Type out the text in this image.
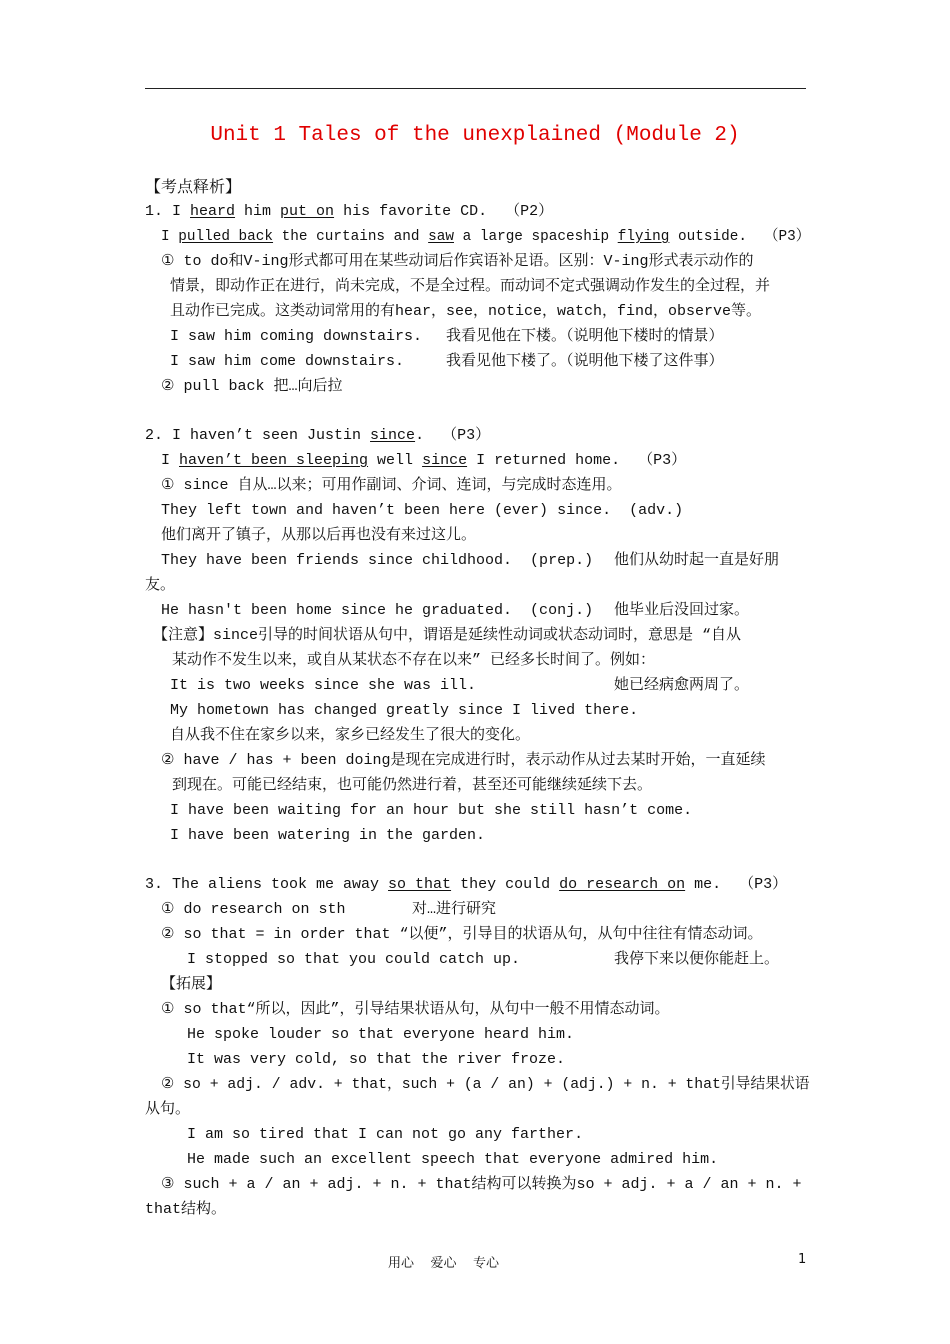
Unit 1 Tales of the unexplained (Module 2)
【考点释析】
1. I heard him put on his favorite CD.  （P2）
I pulled back the curtains and saw a large spaceship flying outside.  （P3）
① to do和V-ing形式都可用在某些动词后作宾语补足语。区别：V-ing形式表示动作的
情景，即动作正在进行，尚未完成，不是全过程。而动词不定式强调动作发生的全过程，并
且动作已完成。这类动词常用的有hear，see，notice，watch，find，observe等。
I saw him coming downstairs. 我看见他在下楼。（说明他下楼时的情景）
I saw him come downstairs.	我看见他下楼了。（说明他下楼了这件事）
② pull back 把…向后拉
2. I haven’t seen Justin since.  （P3）
I haven’t been sleeping well since I returned home.  （P3）
① since 自从…以来；可用作副词、介词、连词，与完成时态连用。
They left town and haven’t been here (ever) since.  (adv.)
他们离开了镇子，从那以后再也没有来过这儿。
They have been friends since childhood.  (prep.) 他们从幼时起一直是好朋
友。
He hasn't been home since he graduated.  (conj.) 他毕业后没回过家。
【注意】since引导的时间状语从句中，谓语是延续性动词或状态动词时，意思是 “自从
某动作不发生以来，或自从某状态不存在以来” 已经多长时间了。例如：
It is two weeks since she was ill.	她已经病愈两周了。
My hometown has changed greatly since I lived there.
自从我不住在家乡以来，家乡已经发生了很大的变化。
② have / has + been doing是现在完成进行时，表示动作从过去某时开始，一直延续
到现在。可能已经结束，也可能仍然进行着，甚至还可能继续延续下去。
I have been waiting for an hour but she still hasn’t come.
I have been watering in the garden.
3. The aliens took me away so that they could do research on me.  （P3）
① do research on sth	对…进行研究
② so that = in order that “以便”，引导目的状语从句，从句中往往有情态动词。
I stopped so that you could catch up.	我停下来以便你能赶上。
【拓展】
① so that“所以，因此”，引导结果状语从句，从句中一般不用情态动词。
He spoke louder so that everyone heard him.
It was very cold, so that the river froze.
② so + adj. / adv. + that，such + (a / an) + (adj.) + n. + that引导结果状语
从句。
I am so tired that I can not go any farther.
He made such an excellent speech that everyone admired him.
③ such + a / an + adj. + n. + that结构可以转换为so + adj. + a / an + n. +
that结构。
用心    爱心    专心	1
